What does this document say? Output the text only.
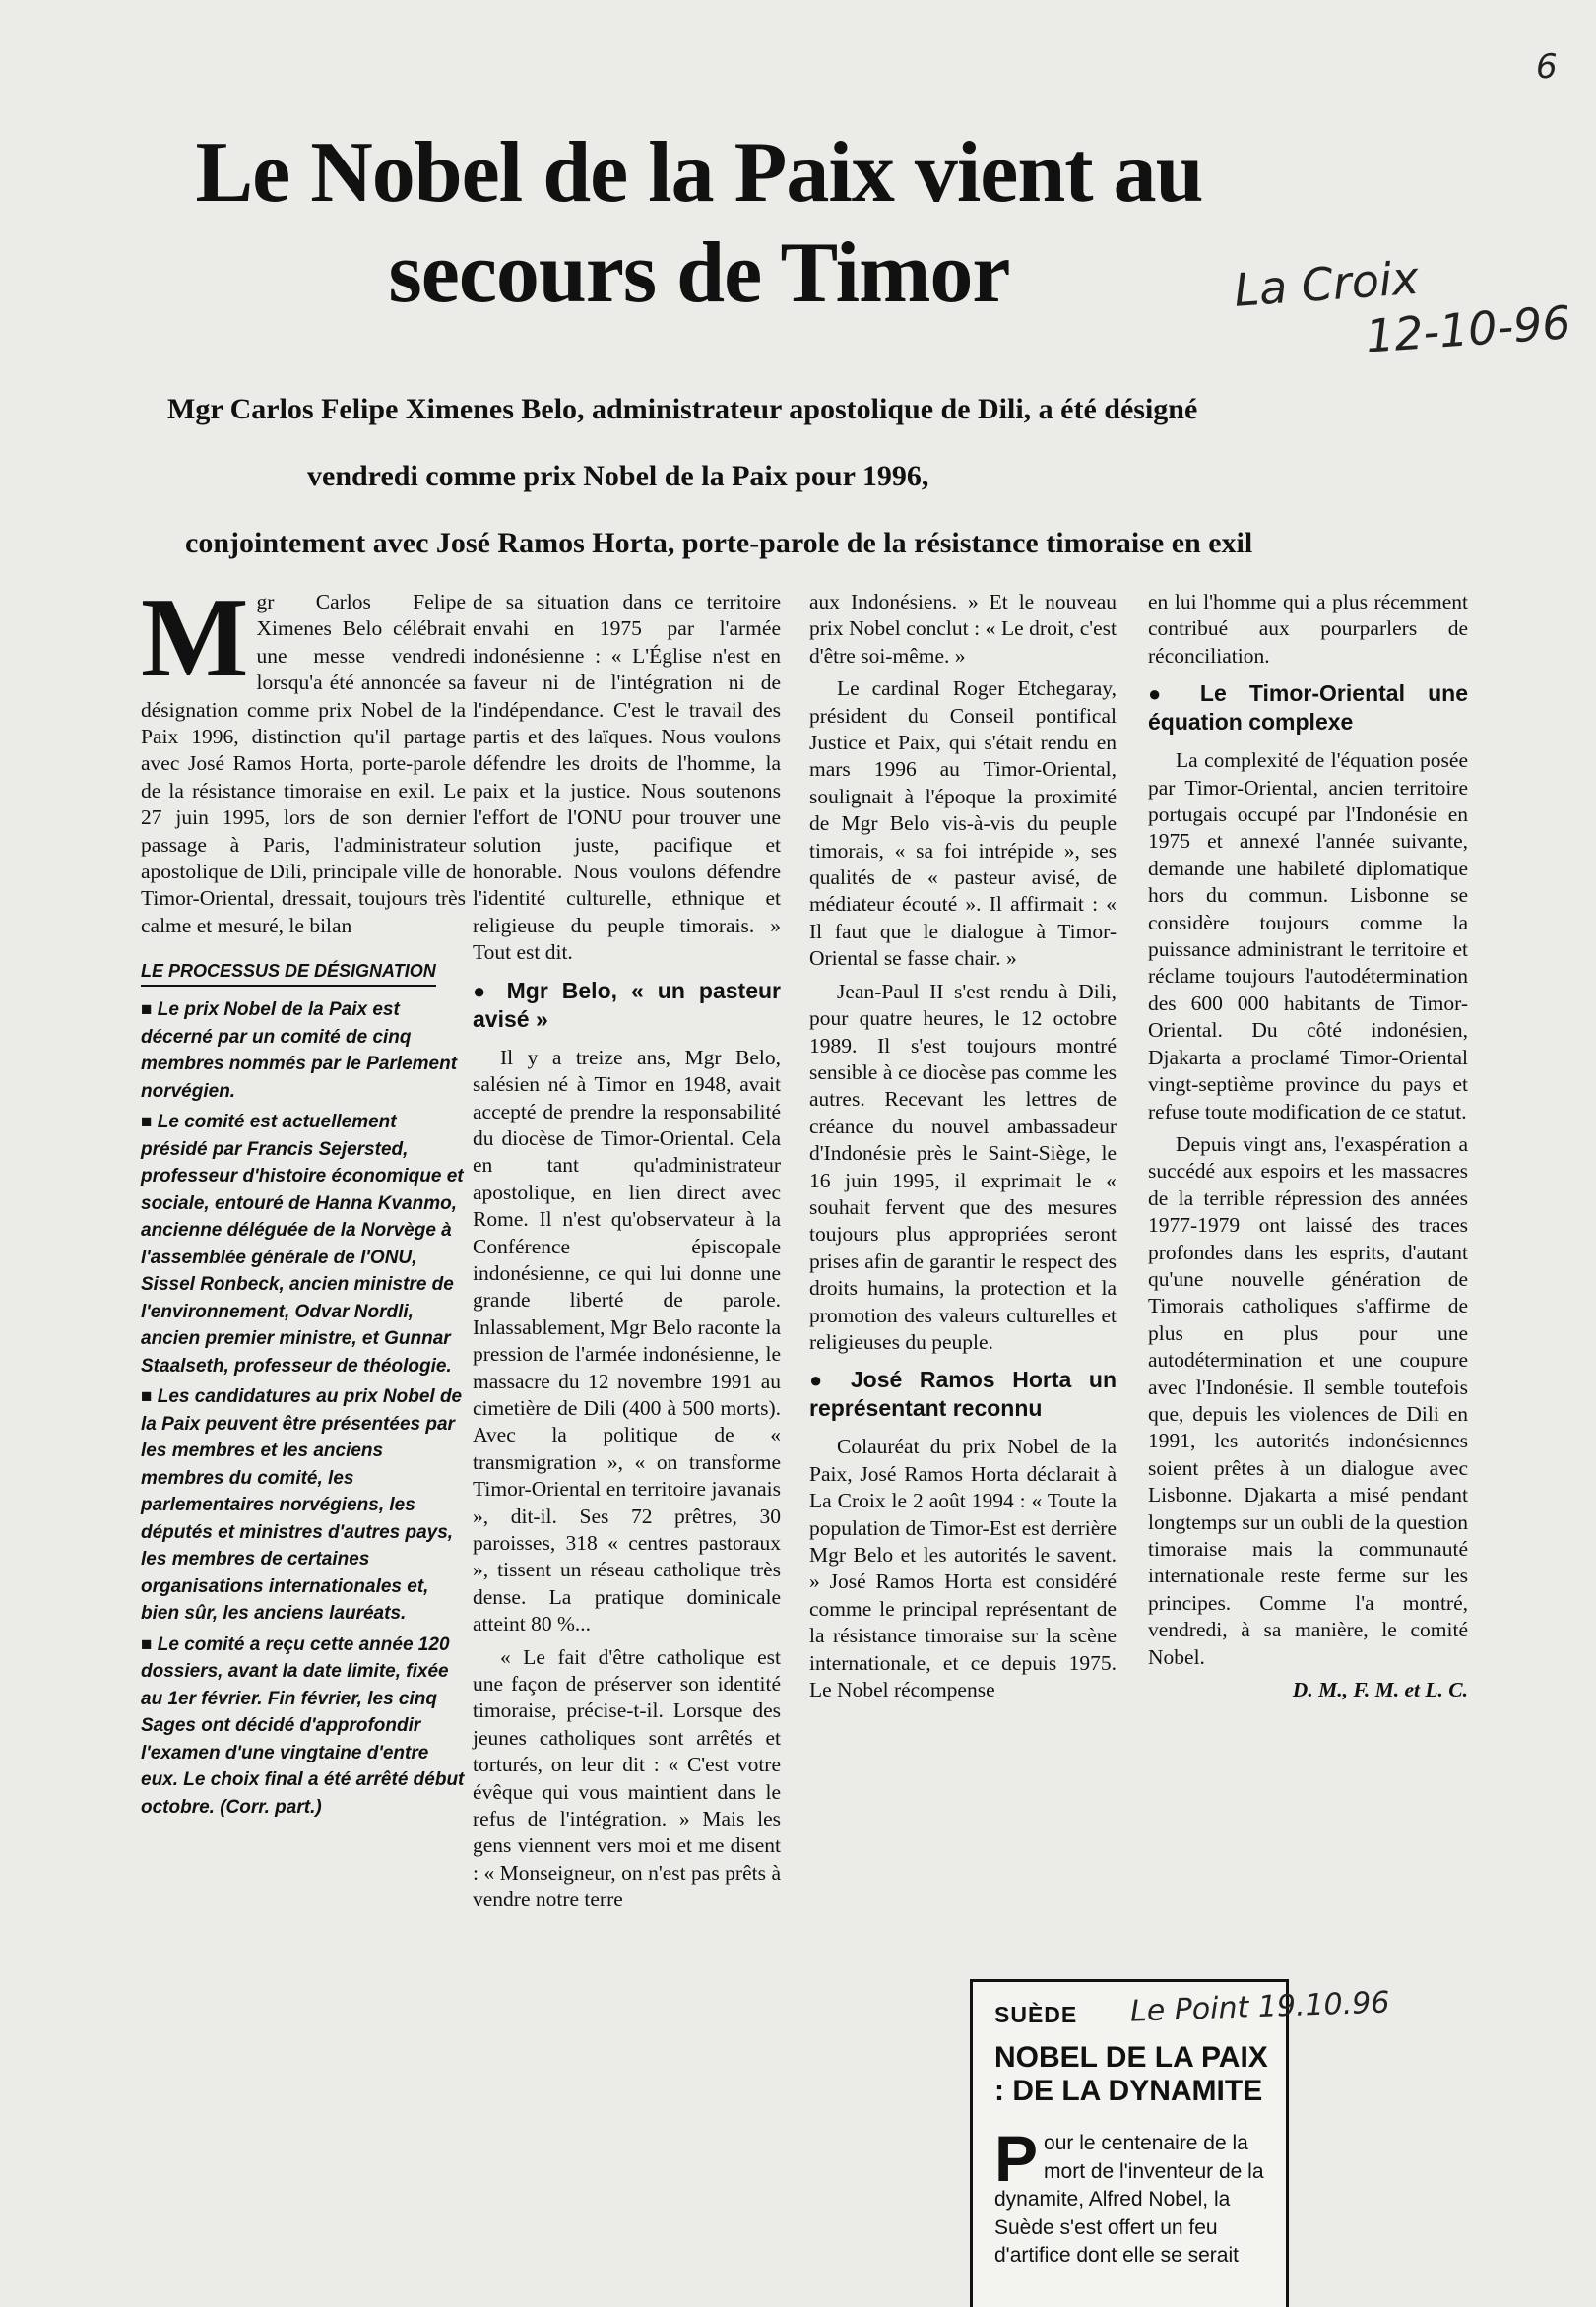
6
La Croix
12-10-96
Le Nobel de la Paix vient au secours de Timor
Mgr Carlos Felipe Ximenes Belo, administrateur apostolique de Dili, a été désigné
vendredi comme prix Nobel de la Paix pour 1996,
conjointement avec José Ramos Horta, porte-parole de la résistance timoraise en exil

Mgr Carlos Felipe Ximenes Belo célébrait une messe vendredi lorsqu'a été annoncée sa désignation comme prix Nobel de la Paix 1996, distinction qu'il partage avec José Ramos Horta, porte-parole de la résistance timoraise en exil. Le 27 juin 1995, lors de son dernier passage à Paris, l'administrateur apostolique de Dili, principale ville de Timor-Oriental, dressait, toujours très calme et mesuré, le bilan

LE PROCESSUS DE DÉSIGNATION

■ Le prix Nobel de la Paix est décerné par un comité de cinq membres nommés par le Parlement norvégien.

■ Le comité est actuellement présidé par Francis Sejersted, professeur d'histoire économique et sociale, entouré de Hanna Kvanmo, ancienne déléguée de la Norvège à l'assemblée générale de l'ONU, Sissel Ronbeck, ancien ministre de l'environnement, Odvar Nordli, ancien premier ministre, et Gunnar Staalseth, professeur de théologie.

■ Les candidatures au prix Nobel de la Paix peuvent être présentées par les membres et les anciens membres du comité, les parlementaires norvégiens, les députés et ministres d'autres pays, les membres de certaines organisations internationales et, bien sûr, les anciens lauréats.

■ Le comité a reçu cette année 120 dossiers, avant la date limite, fixée au 1er février. Fin février, les cinq Sages ont décidé d'approfondir l'examen d'une vingtaine d'entre eux. Le choix final a été arrêté début octobre. (Corr. part.)

de sa situation dans ce territoire envahi en 1975 par l'armée indonésienne : « L'Église n'est en faveur ni de l'intégration ni de l'indépendance. C'est le travail des partis et des laïques. Nous voulons défendre les droits de l'homme, la paix et la justice. Nous soutenons l'effort de l'ONU pour trouver une solution juste, pacifique et honorable. Nous voulons défendre l'identité culturelle, ethnique et religieuse du peuple timorais. » Tout est dit.

● Mgr Belo, « un pasteur avisé »

Il y a treize ans, Mgr Belo, salésien né à Timor en 1948, avait accepté de prendre la responsabilité du diocèse de Timor-Oriental. Cela en tant qu'administrateur apostolique, en lien direct avec Rome. Il n'est qu'observateur à la Conférence épiscopale indonésienne, ce qui lui donne une grande liberté de parole. Inlassablement, Mgr Belo raconte la pression de l'armée indonésienne, le massacre du 12 novembre 1991 au cimetière de Dili (400 à 500 morts). Avec la politique de « transmigration », « on transforme Timor-Oriental en territoire javanais », dit-il. Ses 72 prêtres, 30 paroisses, 318 « centres pastoraux », tissent un réseau catholique très dense. La pratique dominicale atteint 80 %...

« Le fait d'être catholique est une façon de préserver son identité timoraise, précise-t-il. Lorsque des jeunes catholiques sont arrêtés et torturés, on leur dit : « C'est votre évêque qui vous maintient dans le refus de l'intégration. » Mais les gens viennent vers moi et me disent : « Monseigneur, on n'est pas prêts à vendre notre terre

aux Indonésiens. » Et le nouveau prix Nobel conclut : « Le droit, c'est d'être soi-même. »

Le cardinal Roger Etchegaray, président du Conseil pontifical Justice et Paix, qui s'était rendu en mars 1996 au Timor-Oriental, soulignait à l'époque la proximité de Mgr Belo vis-à-vis du peuple timorais, « sa foi intrépide », ses qualités de « pasteur avisé, de médiateur écouté ». Il affirmait : « Il faut que le dialogue à Timor-Oriental se fasse chair. »

Jean-Paul II s'est rendu à Dili, pour quatre heures, le 12 octobre 1989. Il s'est toujours montré sensible à ce diocèse pas comme les autres. Recevant les lettres de créance du nouvel ambassadeur d'Indonésie près le Saint-Siège, le 16 juin 1995, il exprimait le « souhait fervent que des mesures toujours plus appropriées seront prises afin de garantir le respect des droits humains, la protection et la promotion des valeurs culturelles et religieuses du peuple.

● José Ramos Horta un représentant reconnu

Colauréat du prix Nobel de la Paix, José Ramos Horta déclarait à La Croix le 2 août 1994 : « Toute la population de Timor-Est est derrière Mgr Belo et les autorités le savent. » José Ramos Horta est considéré comme le principal représentant de la résistance timoraise sur la scène internationale, et ce depuis 1975. Le Nobel récompense

en lui l'homme qui a plus récemment contribué aux pourparlers de réconciliation.

● Le Timor-Oriental une équation complexe

La complexité de l'équation posée par Timor-Oriental, ancien territoire portugais occupé par l'Indonésie en 1975 et annexé l'année suivante, demande une habileté diplomatique hors du commun. Lisbonne se considère toujours comme la puissance administrant le territoire et réclame toujours l'autodétermination des 600 000 habitants de Timor-Oriental. Du côté indonésien, Djakarta a proclamé Timor-Oriental vingt-septième province du pays et refuse toute modification de ce statut.

Depuis vingt ans, l'exaspération a succédé aux espoirs et les massacres de la terrible répression des années 1977-1979 ont laissé des traces profondes dans les esprits, d'autant qu'une nouvelle génération de Timorais catholiques s'affirme de plus en plus pour une autodétermination et une coupure avec l'Indonésie. Il semble toutefois que, depuis les violences de Dili en 1991, les autorités indonésiennes soient prêtes à un dialogue avec Lisbonne. Djakarta a misé pendant longtemps sur un oubli de la question timoraise mais la communauté internationale reste ferme sur les principes. Comme l'a montré, vendredi, à sa manière, le comité Nobel.

D. M., F. M. et L. C.
SUÈDE Le Point 19.10.96
NOBEL DE LA PAIX : DE LA DYNAMITE
Pour le centenaire de la mort de l'inventeur de la dynamite, Alfred Nobel, la Suède s'est offert un feu d'artifice dont elle se serait
